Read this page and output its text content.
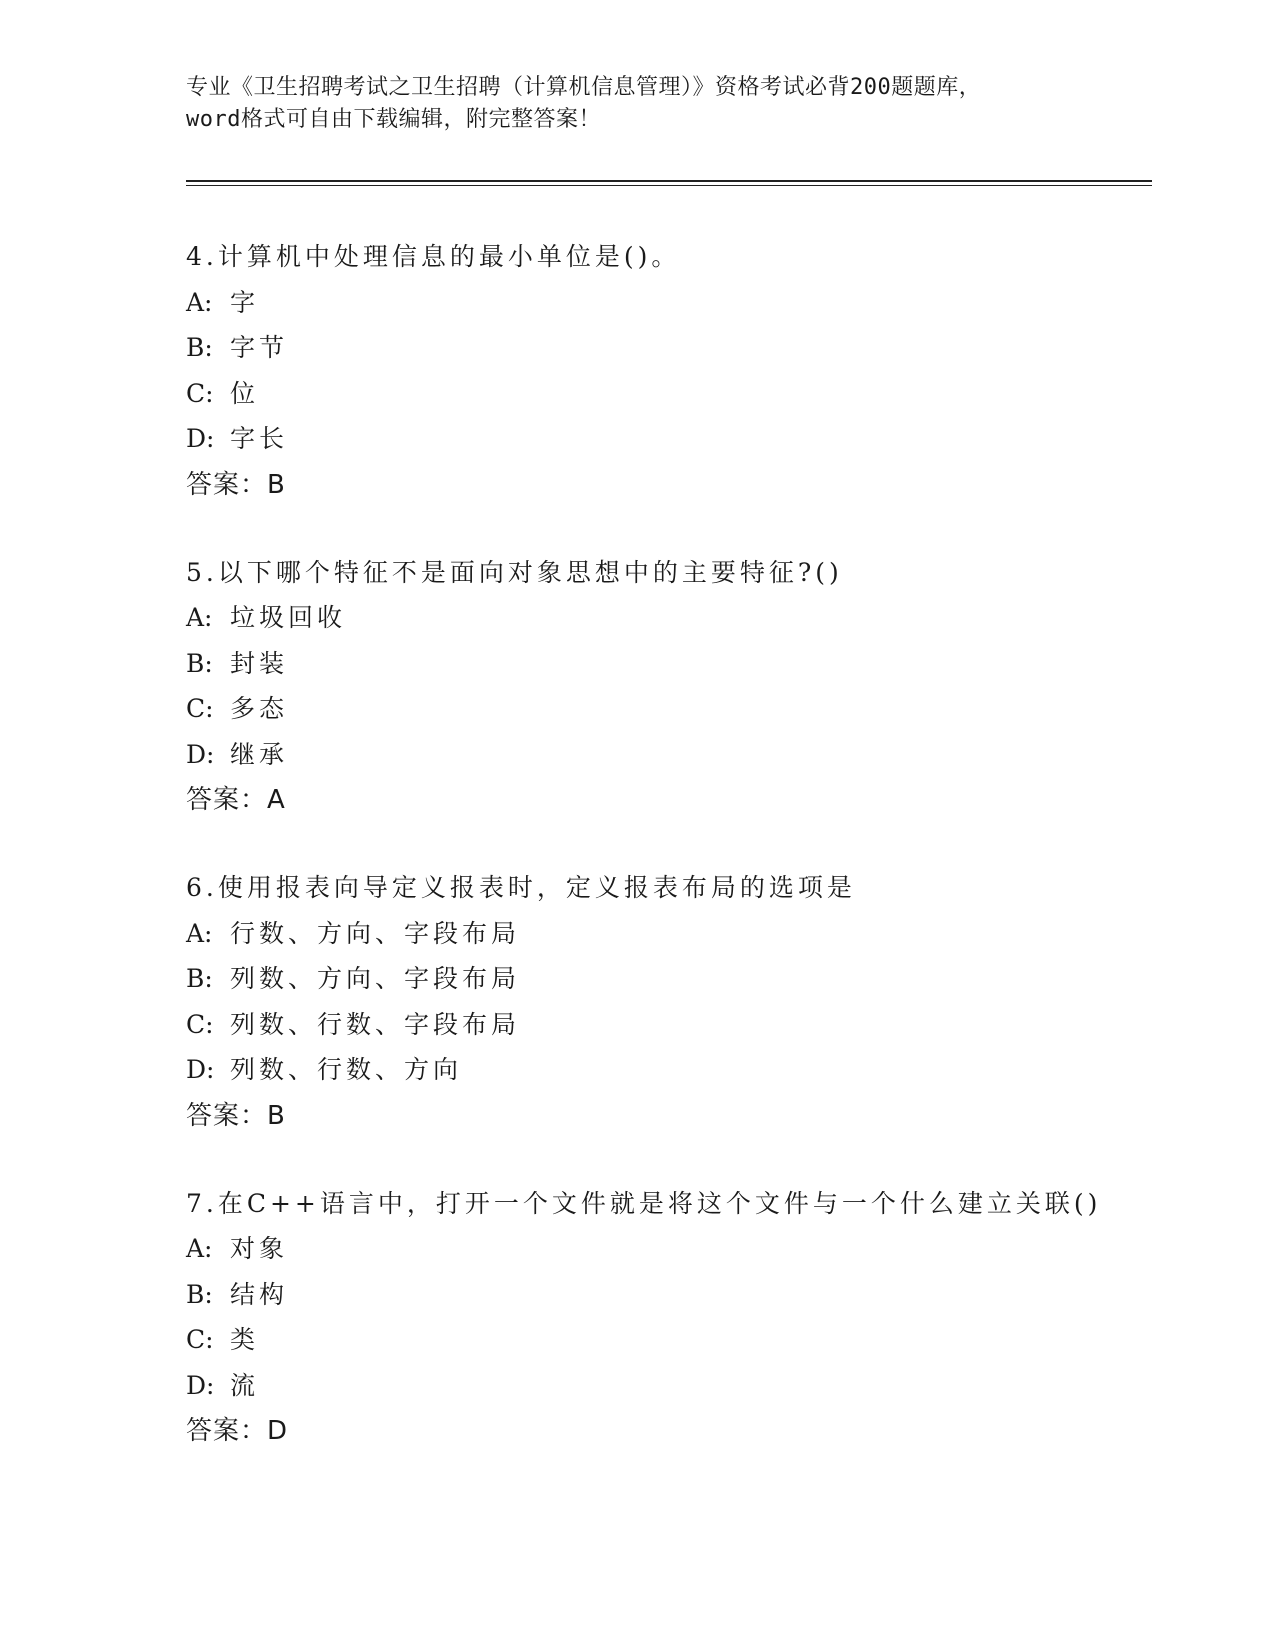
专业《卫生招聘考试之卫生招聘（计算机信息管理）》资格考试必背200题题库，
word格式可自由下载编辑，附完整答案！
4.计算机中处理信息的最小单位是()。
A: 字
B: 字节
C: 位
D: 字长
答案：B
5.以下哪个特征不是面向对象思想中的主要特征?()
A: 垃圾回收
B: 封装
C: 多态
D: 继承
答案：A
6.使用报表向导定义报表时，定义报表布局的选项是
A: 行数、方向、字段布局
B: 列数、方向、字段布局
C: 列数、行数、字段布局
D: 列数、行数、方向
答案：B
7.在C++语言中，打开一个文件就是将这个文件与一个什么建立关联()
A: 对象
B: 结构
C: 类
D: 流
答案：D
